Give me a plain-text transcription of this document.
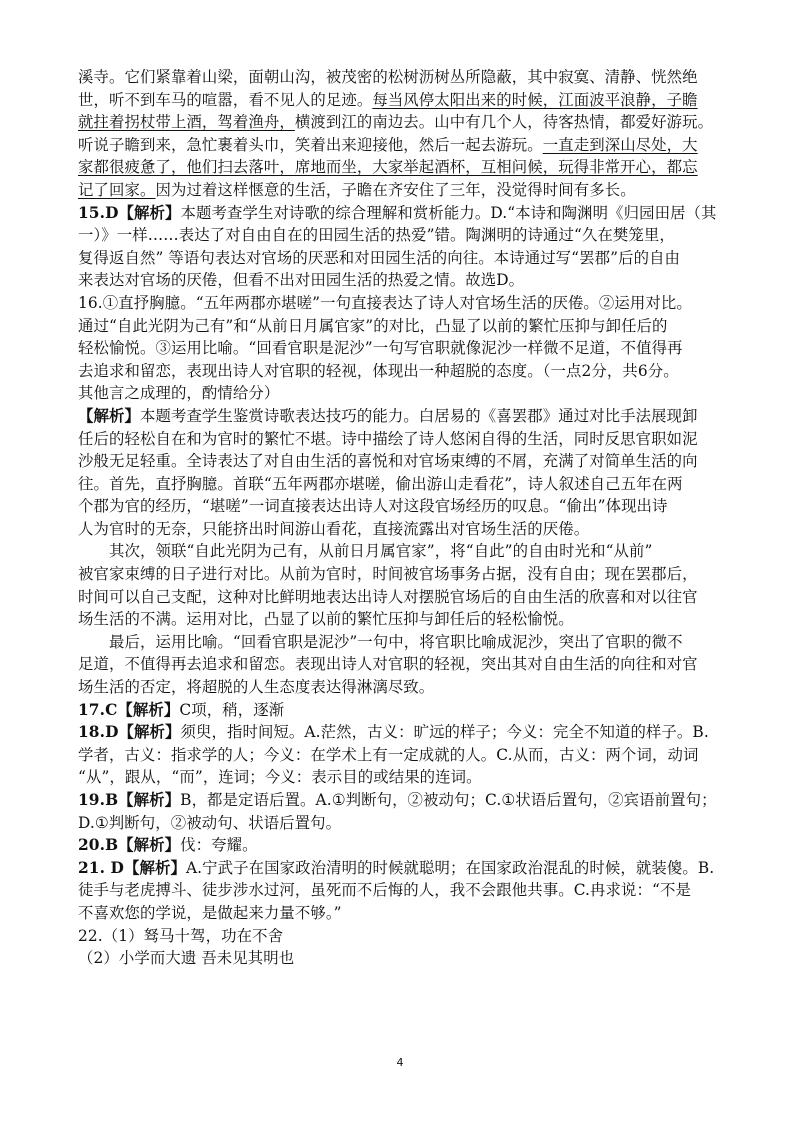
溪寺。它们紧靠着山梁，面朝山沟，被茂密的松树沥树丛所隐蔽，其中寂寞、清静、恍然绝
世，听不到车马的喧嚣，看不见人的足迹。每当风停太阳出来的时候，江面波平浪静，子瞻
就拄着拐杖带上酒，驾着渔舟，横渡到江的南边去。山中有几个人，待客热情，都爱好游玩。
听说子瞻到来，急忙裹着头巾，笑着出来迎接他，然后一起去游玩。一直走到深山尽处，大
家都很疲惫了，他们扫去落叶，席地而坐，大家举起酒杯，互相问候，玩得非常开心，都忘
记了回家。因为过着这样惬意的生活，子瞻在齐安住了三年，没觉得时间有多长。
15.D【解析】本题考查学生对诗歌的综合理解和赏析能力。D.“本诗和陶渊明《归园田居（其
一）》一样……表达了对自由自在的田园生活的热爱”错。陶渊明的诗通过“久在樊笼里，
复得返自然” 等语句表达对官场的厌恶和对田园生活的向往。本诗通过写“罢郡”后的自由
来表达对官场的厌倦，但看不出对田园生活的热爱之情。故选D。
16.①直抒胸臆。“五年两郡亦堪嗟”一句直接表达了诗人对官场生活的厌倦。②运用对比。
通过“自此光阴为己有”和“从前日月属官家”的对比，凸显了以前的繁忙压抑与卸任后的
轻松愉悦。③运用比喻。“回看官职是泥沙”一句写官职就像泥沙一样微不足道，不值得再
去追求和留恋，表现出诗人对官职的轻视，体现出一种超脱的态度。（一点2分，共6分。
其他言之成理的，酌情给分）
【解析】本题考查学生鉴赏诗歌表达技巧的能力。白居易的《喜罢郡》通过对比手法展现卸
任后的轻松自在和为官时的繁忙不堪。诗中描绘了诗人悠闲自得的生活，同时反思官职如泥
沙般无足轻重。全诗表达了对自由生活的喜悦和对官场束缚的不屑，充满了对简单生活的向
往。首先，直抒胸臆。首联“五年两郡亦堪嗟，偷出游山走看花”，诗人叙述自己五年在两
个郡为官的经历，“堪嗟”一词直接表达出诗人对这段官场经历的叹息。“偷出”体现出诗
人为官时的无奈，只能挤出时间游山看花，直接流露出对官场生活的厌倦。
其次，领联“自此光阴为己有，从前日月属官家”，将“自此”的自由时光和“从前”
被官家束缚的日子进行对比。从前为官时，时间被官场事务占据，没有自由；现在罢郡后，
时间可以自己支配，这种对比鲜明地表达出诗人对摆脱官场后的自由生活的欣喜和对以往官
场生活的不满。运用对比，凸显了以前的繁忙压抑与卸任后的轻松愉悦。
最后，运用比喻。“回看官职是泥沙”一句中，将官职比喻成泥沙，突出了官职的微不
足道，不值得再去追求和留恋。表现出诗人对官职的轻视，突出其对自由生活的向往和对官
场生活的否定，将超脱的人生态度表达得淋漓尽致。
17.C【解析】C项，稍，逐渐
18.D【解析】须臾，指时间短。A.茫然，古义：旷远的样子；今义：完全不知道的样子。B.
学者，古义：指求学的人；今义：在学术上有一定成就的人。C.从而，古义：两个词，动词
“从”，跟从，“而”，连词；今义：表示目的或结果的连词。
19.B【解析】B，都是定语后置。A.①判断句，②被动句；C.①状语后置句，②宾语前置句；
D.①判断句，②被动句、状语后置句。
20.B【解析】伐：夸耀。
21. D【解析】A.宁武子在国家政治清明的时候就聪明；在国家政治混乱的时候，就装傻。B.
徒手与老虎搏斗、徒步涉水过河，虽死而不后悔的人，我不会跟他共事。C.冉求说：“不是
不喜欢您的学说，是做起来力量不够。”
22.（1）驽马十驾，功在不舍
（2）小学而大遗 吾未见其明也
4
